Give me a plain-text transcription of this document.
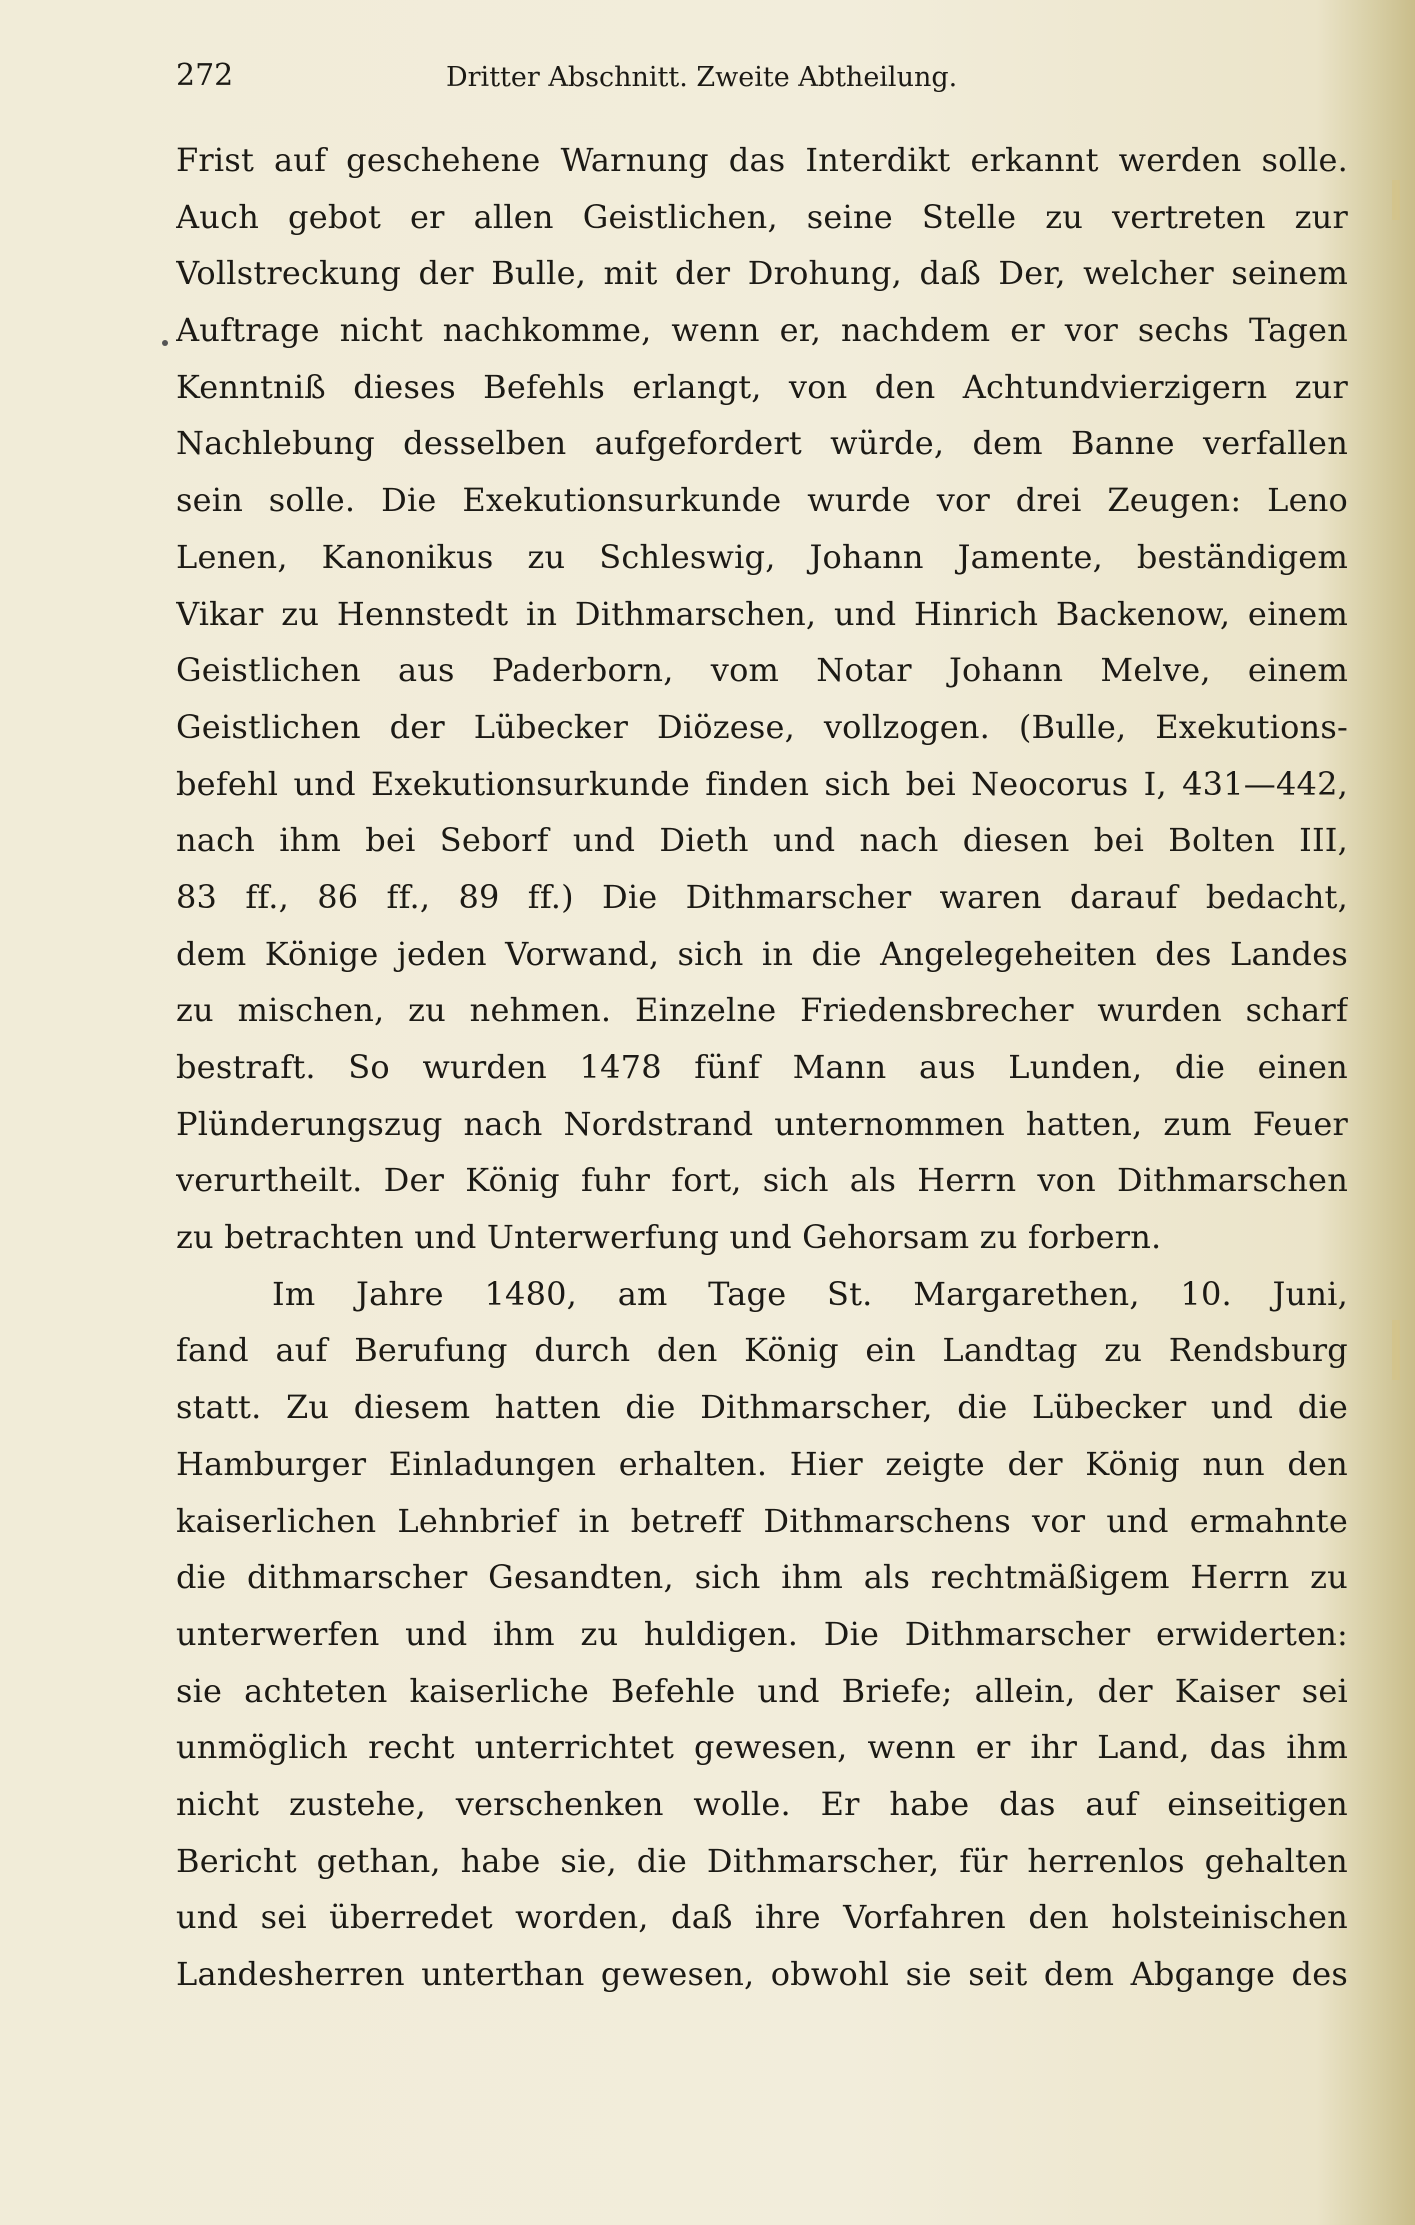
272	Dritter Abschnitt. Zweite Abtheilung.
Frist auf geschehene Warnung das Interdikt erkannt werden solle.
Auch gebot er allen Geistlichen, seine Stelle zu vertreten zur
Vollstreckung der Bulle, mit der Drohung, daß Der, welcher seinem
Auftrage nicht nachkomme, wenn er, nachdem er vor sechs Tagen
Kenntniß dieses Befehls erlangt, von den Achtundvierzigern zur
Nachlebung desselben aufgefordert würde, dem Banne verfallen
sein solle. Die Exekutionsurkunde wurde vor drei Zeugen: Leno
Lenen, Kanonikus zu Schleswig, Johann Jamente, beständigem
Vikar zu Hennstedt in Dithmarschen, und Hinrich Backenow, einem
Geistlichen aus Paderborn, vom Notar Johann Melve, einem
Geistlichen der Lübecker Diözese, vollzogen. (Bulle, Exekutions-
befehl und Exekutionsurkunde finden sich bei Neocorus I, 431—442,
nach ihm bei Seborf und Dieth und nach diesen bei Bolten III,
83 ff., 86 ff., 89 ff.) Die Dithmarscher waren darauf bedacht,
dem Könige jeden Vorwand, sich in die Angelegeheiten des Landes
zu mischen, zu nehmen. Einzelne Friedensbrecher wurden scharf
bestraft. So wurden 1478 fünf Mann aus Lunden, die einen
Plünderungszug nach Nordstrand unternommen hatten, zum Feuer
verurtheilt. Der König fuhr fort, sich als Herrn von Dithmarschen
zu betrachten und Unterwerfung und Gehorsam zu forbern.
Im Jahre 1480, am Tage St. Margarethen, 10. Juni,
fand auf Berufung durch den König ein Landtag zu Rendsburg
statt. Zu diesem hatten die Dithmarscher, die Lübecker und die
Hamburger Einladungen erhalten. Hier zeigte der König nun den
kaiserlichen Lehnbrief in betreff Dithmarschens vor und ermahnte
die dithmarscher Gesandten, sich ihm als rechtmäßigem Herrn zu
unterwerfen und ihm zu huldigen. Die Dithmarscher erwiderten:
sie achteten kaiserliche Befehle und Briefe; allein, der Kaiser sei
unmöglich recht unterrichtet gewesen, wenn er ihr Land, das ihm
nicht zustehe, verschenken wolle. Er habe das auf einseitigen
Bericht gethan, habe sie, die Dithmarscher, für herrenlos gehalten
und sei überredet worden, daß ihre Vorfahren den holsteinischen
Landesherren unterthan gewesen, obwohl sie seit dem Abgange des
